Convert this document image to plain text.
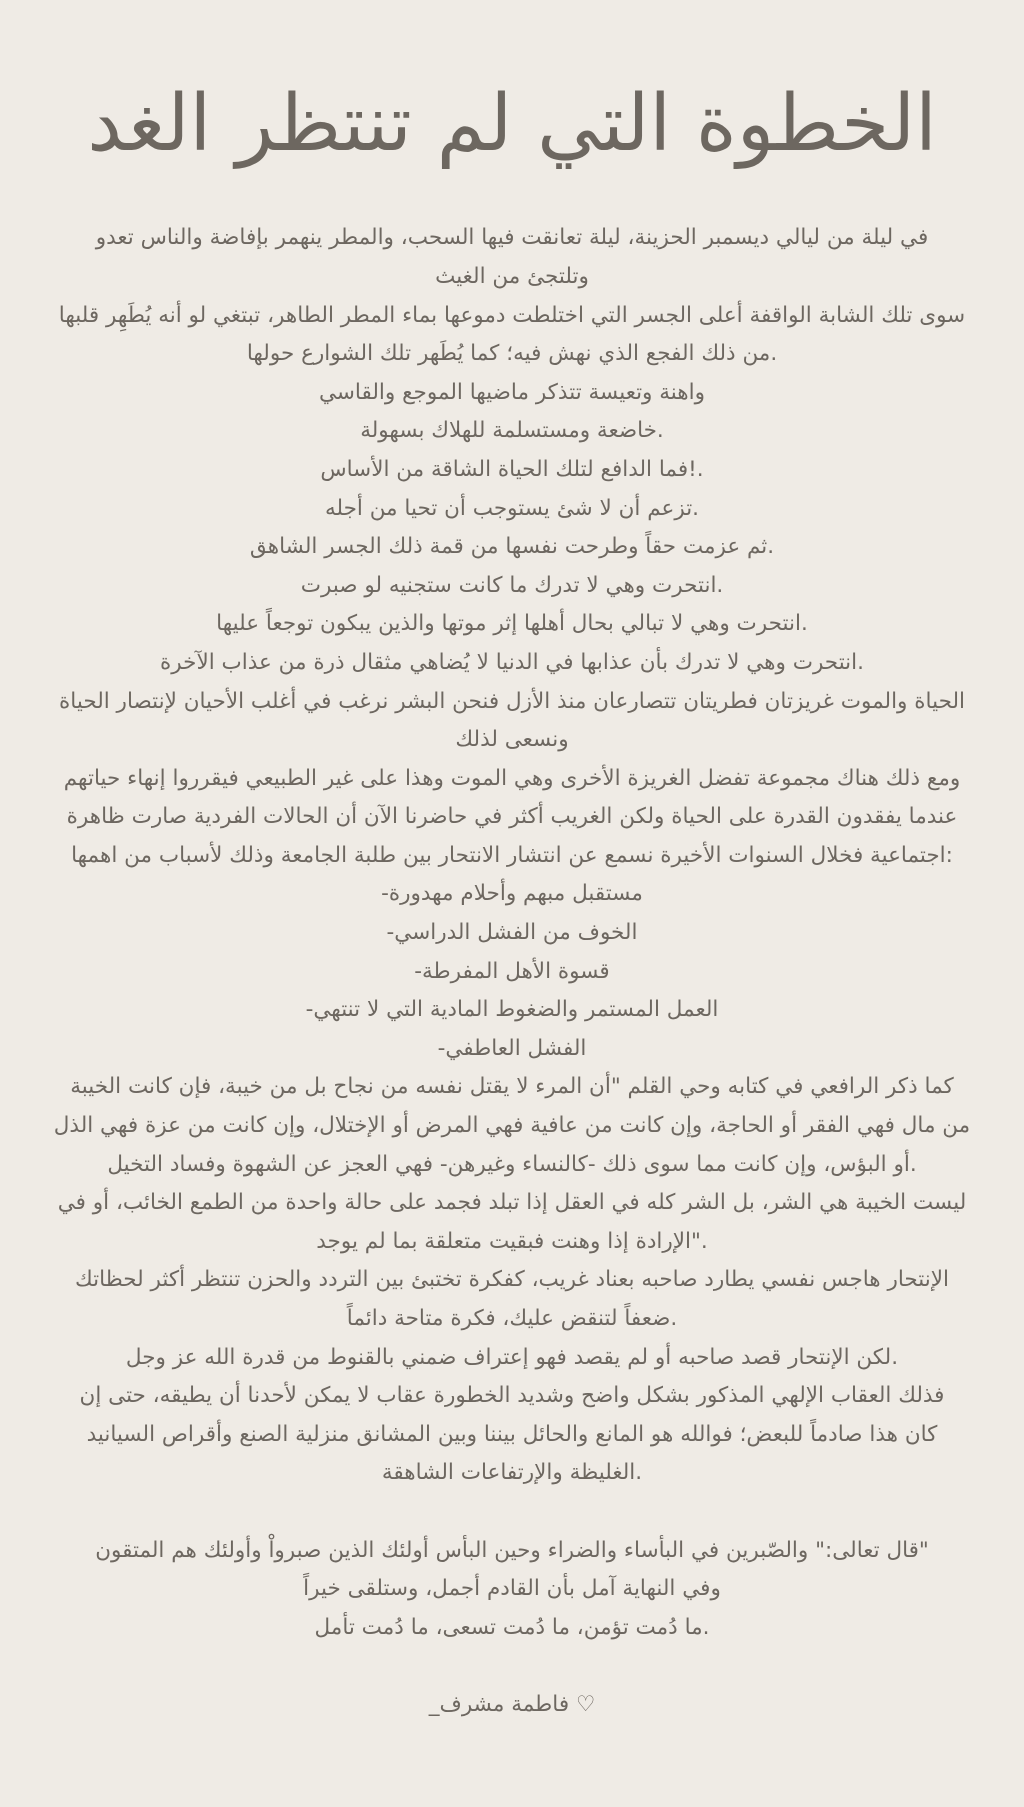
الخطوة التي لم تنتظر الغد

في ليلة من ليالي ديسمبر الحزينة، ليلة تعانقت فيها السحب، والمطر ينهمر بإفاضة والناس تعدو

وتلتجئ من الغيث

سوى تلك الشابة الواقفة أعلى الجسر التي اختلطت دموعها بماء المطر الطاهر، تبتغي لو أنه يُطَهِر قلبها

.من ذلك الفجع الذي نهش فيه؛ كما يُطَهر تلك الشوارع حولها

واهنة وتعيسة تتذكر ماضيها الموجع والقاسي

.خاضعة ومستسلمة للهلاك بسهولة

.!فما الدافع لتلك الحياة الشاقة من الأساس

.تزعم أن لا شئ يستوجب أن تحيا من أجله

.ثم عزمت حقاً وطرحت نفسها من قمة ذلك الجسر الشاهق

.انتحرت وهي لا تدرك ما كانت ستجنيه لو صبرت

.انتحرت وهي لا تبالي بحال أهلها إثر موتها والذين يبكون توجعاً عليها

.انتحرت وهي لا تدرك بأن عذابها في الدنيا لا يُضاهي مثقال ذرة من عذاب الآخرة

الحياة والموت غريزتان فطريتان تتصارعان منذ الأزل فنحن البشر نرغب في أغلب الأحيان لإنتصار الحياة

ونسعى لذلك

ومع ذلك هناك مجموعة تفضل الغريزة الأخرى وهي الموت وهذا على غير الطبيعي فيقرروا إنهاء حياتهم

عندما يفقدون القدرة على الحياة ولكن الغريب أكثر في حاضرنا الآن أن الحالات الفردية صارت ظاهرة

:اجتماعية فخلال السنوات الأخيرة نسمع عن انتشار الانتحار بين طلبة الجامعة وذلك لأسباب من اهمها

مستقبل مبهم وأحلام مهدورة-

الخوف من الفشل الدراسي-

قسوة الأهل المفرطة-

العمل المستمر والضغوط المادية التي لا تنتهي-

الفشل العاطفي-

كما ذكر الرافعي في كتابه وحي القلم "أن المرء لا يقتل نفسه من نجاح بل من خيبة، فإن كانت الخيبة

من مال فهي الفقر أو الحاجة، وإن كانت من عافية فهي المرض أو الإختلال، وإن كانت من عزة فهي الذل

.أو البؤس، وإن كانت مما سوى ذلك -كالنساء وغيرهن- فهي العجز عن الشهوة وفساد التخيل

ليست الخيبة هي الشر، بل الشر كله في العقل إذا تبلد فجمد على حالة واحدة من الطمع الخائب، أو في

."الإرادة إذا وهنت فبقيت متعلقة بما لم يوجد

الإنتحار هاجس نفسي يطارد صاحبه بعناد غريب، كفكرة تختبئ بين التردد والحزن تنتظر أكثر لحظاتك

.ضعفاً لتنقض عليك، فكرة متاحة دائماً

.لكن الإنتحار قصد صاحبه أو لم يقصد فهو إعتراف ضمني بالقنوط من قدرة الله عز وجل

فذلك العقاب الإلهي المذكور بشكل واضح وشديد الخطورة عقاب لا يمكن لأحدنا أن يطيقه، حتى إن

كان هذا صادماً للبعض؛ فوالله هو المانع والحائل بيننا وبين المشانق منزلية الصنع وأقراص السيانيد

.الغليظة والإرتفاعات الشاهقة

"قال تعالى:" والصّبرين في البأساء والضراء وحين البأس أولئك الذين صبرواْ وأولئك هم المتقون

وفي النهاية آمل بأن القادم أجمل، وستلقى خيراً

.ما دُمت تؤمن، ما دُمت تسعى، ما دُمت تأمل

♡ فاطمة مشرف_
